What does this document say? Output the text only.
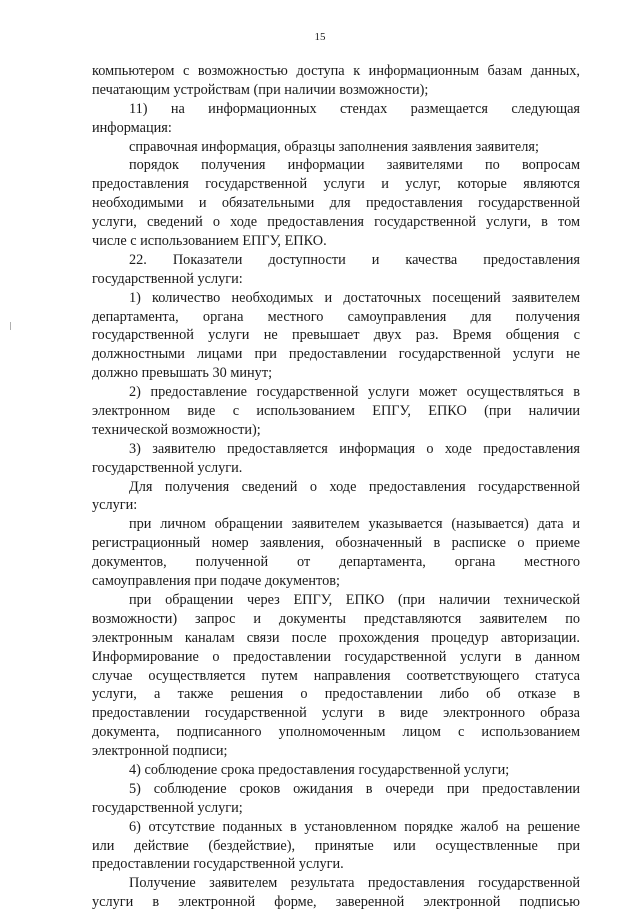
15
компьютером с возможностью доступа к информационным базам данных,
печатающим устройствам (при наличии возможности);
11) на информационных стендах размещается следующая
информация:
справочная информация, образцы заполнения заявления заявителя;
порядок получения информации заявителями по вопросам
предоставления государственной услуги и услуг, которые являются
необходимыми и обязательными для предоставления государственной
услуги, сведений о ходе предоставления государственной услуги, в том
числе с использованием ЕПГУ, ЕПКО.
22. Показатели доступности и качества предоставления
государственной услуги:
1) количество необходимых и достаточных посещений заявителем
департамента, органа местного самоуправления для получения
государственной услуги не превышает двух раз. Время общения с
должностными лицами при предоставлении государственной услуги не
должно превышать 30 минут;
2) предоставление государственной услуги может осуществляться в
электронном виде с использованием ЕПГУ, ЕПКО (при наличии
технической возможности);
3) заявителю предоставляется информация о ходе предоставления
государственной услуги.
Для получения сведений о ходе предоставления государственной
услуги:
при личном обращении заявителем указывается (называется) дата и
регистрационный номер заявления, обозначенный в расписке о приеме
документов, полученной от департамента, органа местного
самоуправления при подаче документов;
при обращении через ЕПГУ, ЕПКО (при наличии технической
возможности) запрос и документы представляются заявителем по
электронным каналам связи после прохождения процедур авторизации.
Информирование о предоставлении государственной услуги в данном
случае осуществляется путем направления соответствующего статуса
услуги, а также решения о предоставлении либо об отказе в
предоставлении государственной услуги в виде электронного образа
документа, подписанного уполномоченным лицом с использованием
электронной подписи;
4) соблюдение срока предоставления государственной услуги;
5) соблюдение сроков ожидания в очереди при предоставлении
государственной услуги;
6) отсутствие поданных в установленном порядке жалоб на решение
или действие (бездействие), принятые или осуществленные при
предоставлении государственной услуги.
Получение заявителем результата предоставления государственной
услуги в электронной форме, заверенной электронной подписью
